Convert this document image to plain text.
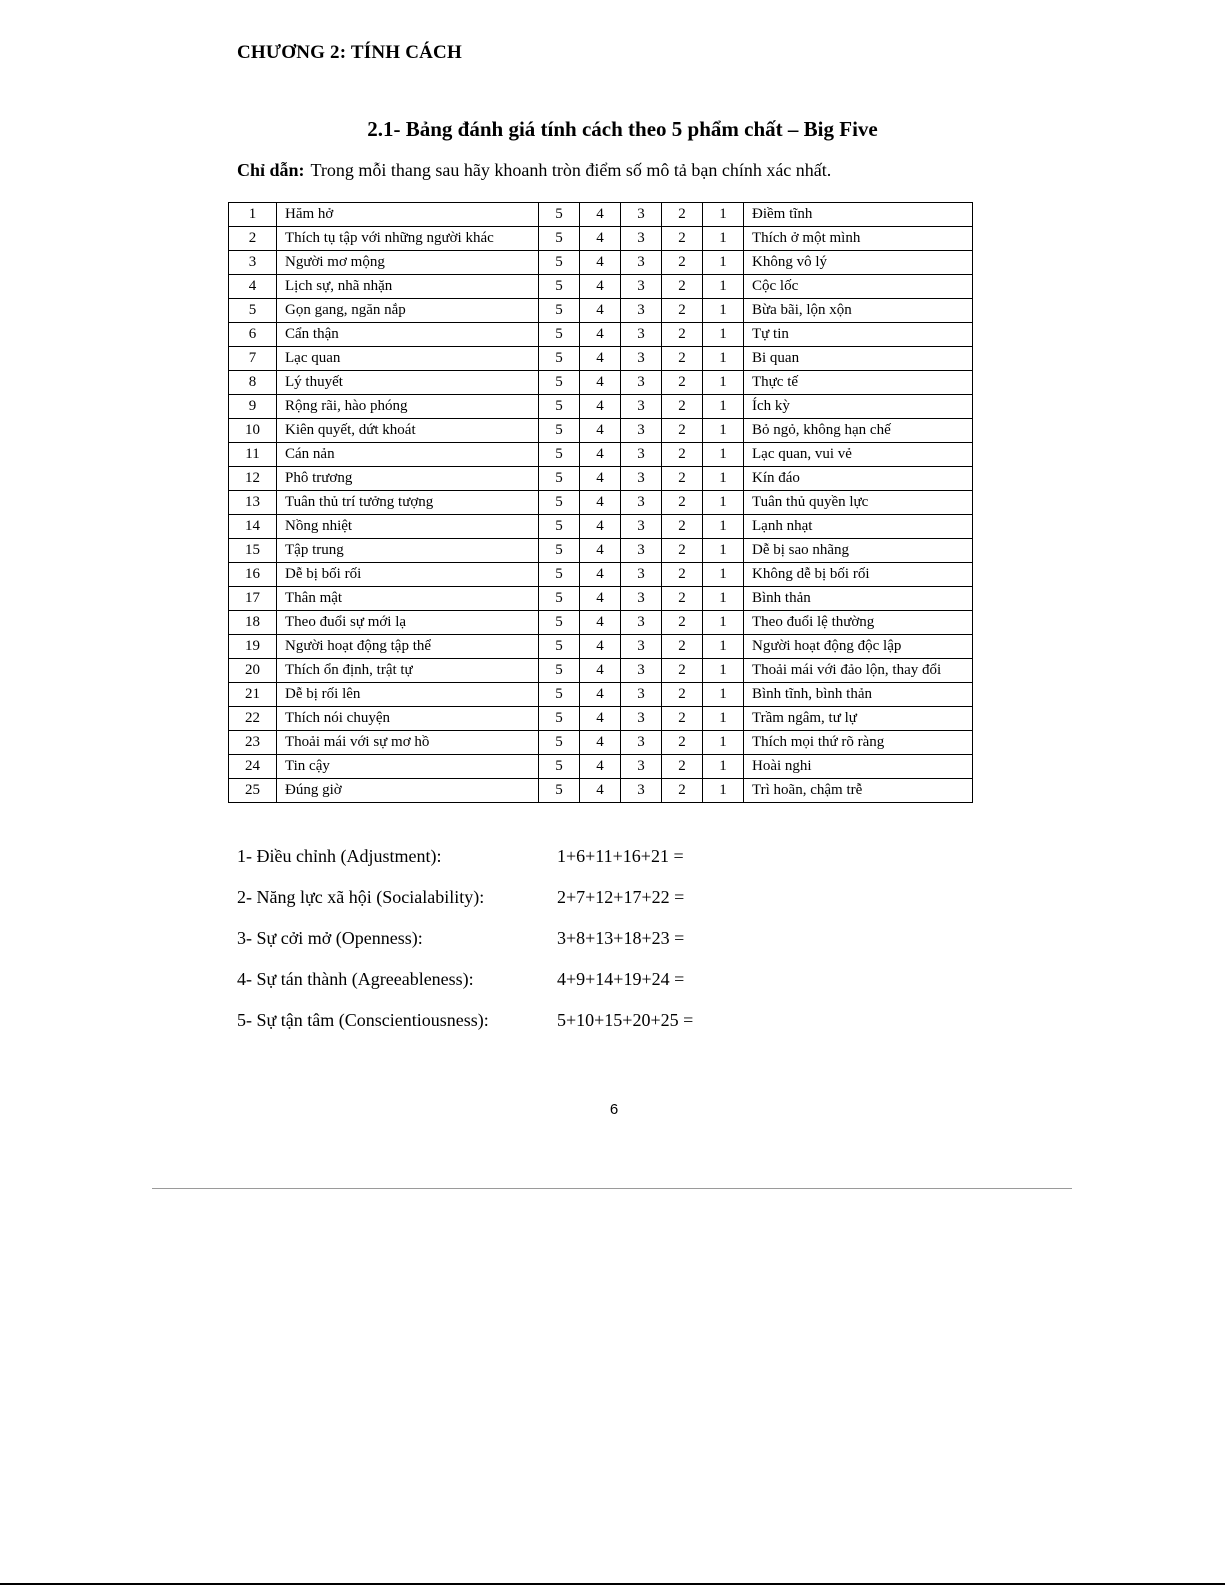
CHƯƠNG 2: TÍNH CÁCH
2.1- Bảng đánh giá tính cách theo 5 phẩm chất – Big Five
Chỉ dẫn: Trong mỗi thang sau hãy khoanh tròn điểm số mô tả bạn chính xác nhất.
1	Hăm hở	5	4	3	2	1	Điềm tĩnh
2	Thích tụ tập với những người khác	5	4	3	2	1	Thích ở một mình
3	Người mơ mộng	5	4	3	2	1	Không vô lý
4	Lịch sự, nhã nhặn	5	4	3	2	1	Cộc lốc
5	Gọn gang, ngăn nắp	5	4	3	2	1	Bừa bãi, lộn xộn
6	Cẩn thận	5	4	3	2	1	Tự tin
7	Lạc quan	5	4	3	2	1	Bi quan
8	Lý thuyết	5	4	3	2	1	Thực tế
9	Rộng rãi, hào phóng	5	4	3	2	1	Ích kỳ
10	Kiên quyết, dứt khoát	5	4	3	2	1	Bỏ ngỏ, không hạn chế
11	Cán nản	5	4	3	2	1	Lạc quan, vui vẻ
12	Phô trương	5	4	3	2	1	Kín đáo
13	Tuân thủ trí tưởng tượng	5	4	3	2	1	Tuân thủ quyền lực
14	Nồng nhiệt	5	4	3	2	1	Lạnh nhạt
15	Tập trung	5	4	3	2	1	Dễ bị sao nhãng
16	Dễ bị bối rối	5	4	3	2	1	Không dễ bị bối rối
17	Thân mật	5	4	3	2	1	Bình thản
18	Theo đuổi sự mới lạ	5	4	3	2	1	Theo đuổi lệ thường
19	Người hoạt động tập thể	5	4	3	2	1	Người hoạt động độc lập
20	Thích ổn định, trật tự	5	4	3	2	1	Thoải mái với đảo lộn, thay đổi
21	Dễ bị rối lên	5	4	3	2	1	Bình tĩnh, bình thản
22	Thích nói chuyện	5	4	3	2	1	Trầm ngâm, tư lự
23	Thoải mái với sự mơ hồ	5	4	3	2	1	Thích mọi thứ rõ ràng
24	Tin cậy	5	4	3	2	1	Hoài nghi
25	Đúng giờ	5	4	3	2	1	Trì hoãn, chậm trễ
1- Điều chỉnh (Adjustment):	1+6+11+16+21 =
2- Năng lực xã hội (Socialability):	2+7+12+17+22 =
3- Sự cởi mở (Openness):	3+8+13+18+23 =
4- Sự tán thành (Agreeableness):	4+9+14+19+24 =
5- Sự tận tâm (Conscientiousness):	5+10+15+20+25 =
6
